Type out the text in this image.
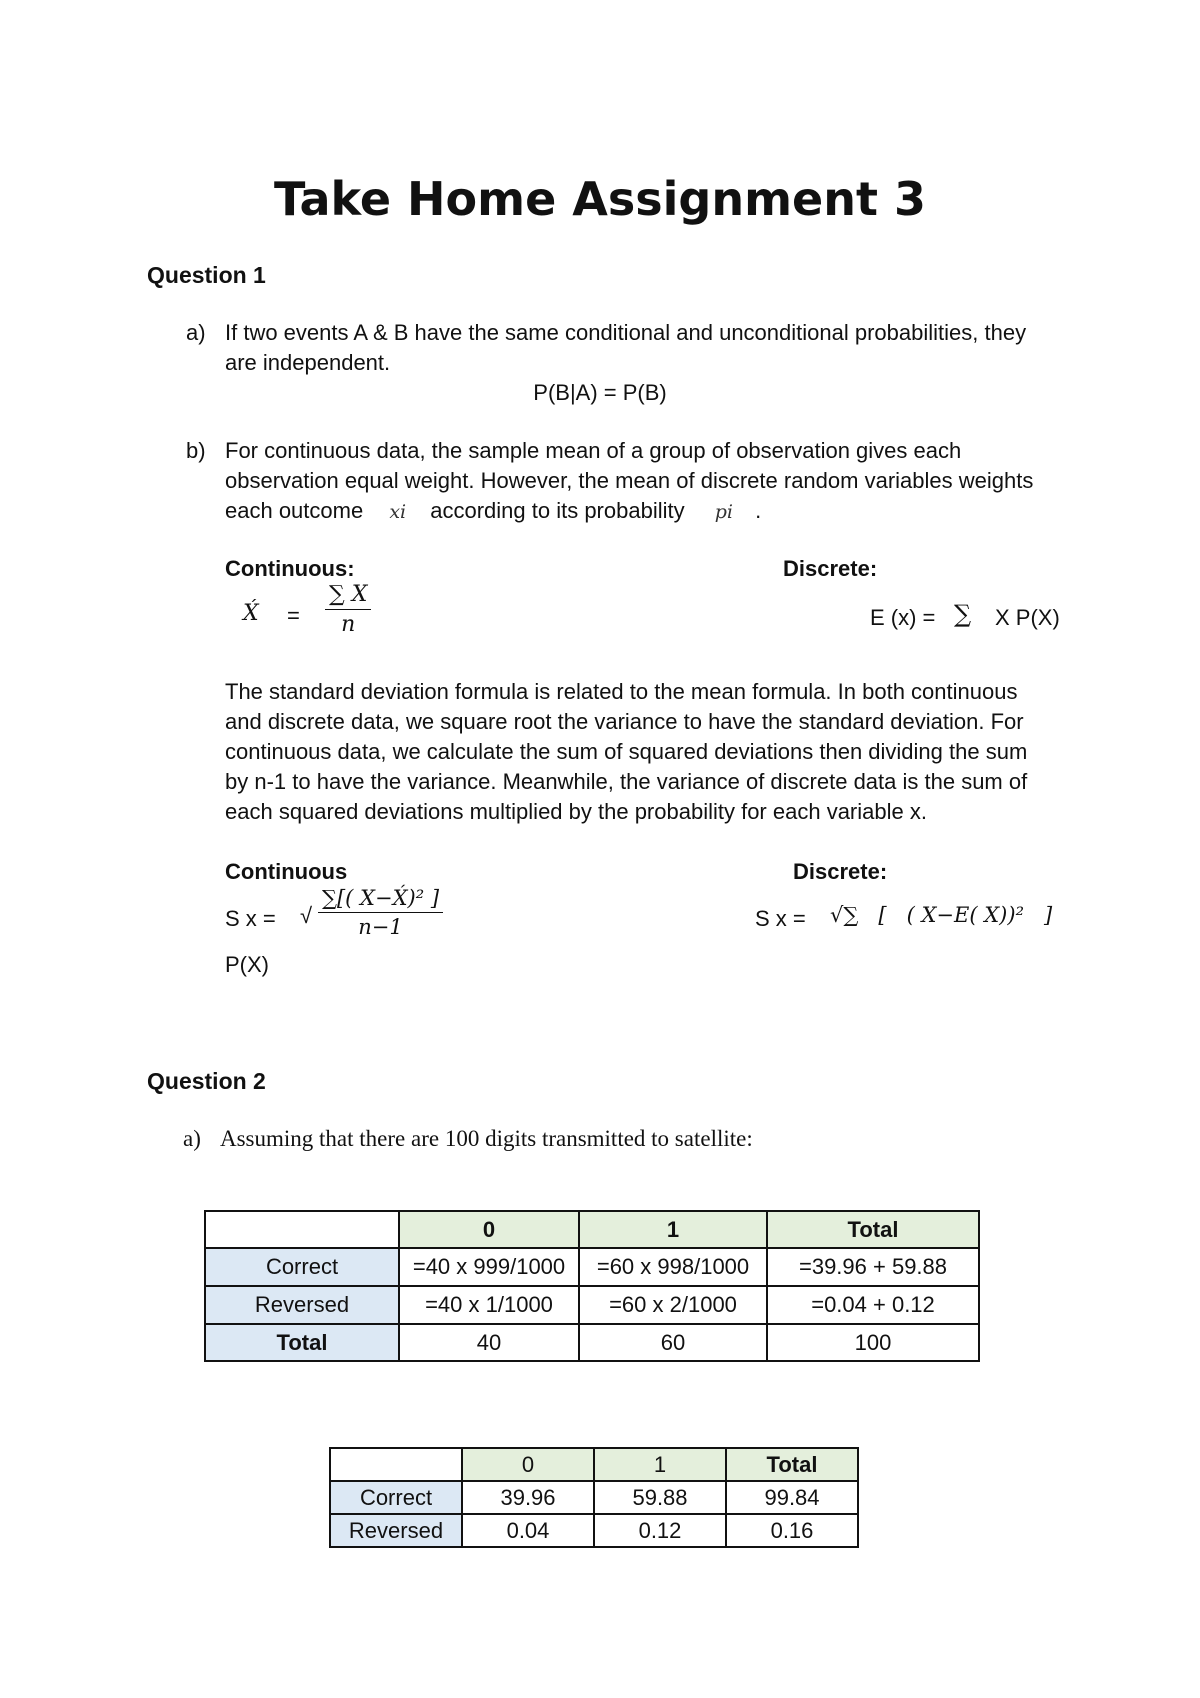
Take Home Assignment 3
Question 1
a) If two events A & B have the same conditional and unconditional probabilities, they
are independent.
P(B|A) = P(B)
b) For continuous data, the sample mean of a group of observation gives each
observation equal weight. However, the mean of discrete random variables weights
each outcome xi according to its probability pi .
Continuous:	Discrete:
X́ = $\frac{\sum X}{n}$	E (x) = ∑ X P(X)
The standard deviation formula is related to the mean formula. In both continuous
and discrete data, we square root the variance to have the standard deviation. For
continuous data, we calculate the sum of squared deviations then dividing the sum
by n-1 to have the variance. Meanwhile, the variance of discrete data is the sum of
each squared deviations multiplied by the probability for each variable x.
Continuous	Discrete:
S x = √ $\frac{\text{∑[( X−X́)² ]}}{n-1}$	S x = √∑   [   ( X−E( X))²   ]
P(X)
Question 2
a) Assuming that there are 100 digits transmitted to satellite:
	0	1	Total
Correct	=40 x 999/1000	=60 x 998/1000	=39.96 + 59.88
Reversed	=40 x 1/1000	=60 x 2/1000	=0.04 + 0.12
Total	40	60	100
	0	1	Total
Correct	39.96	59.88	99.84
Reversed	0.04	0.12	0.16
